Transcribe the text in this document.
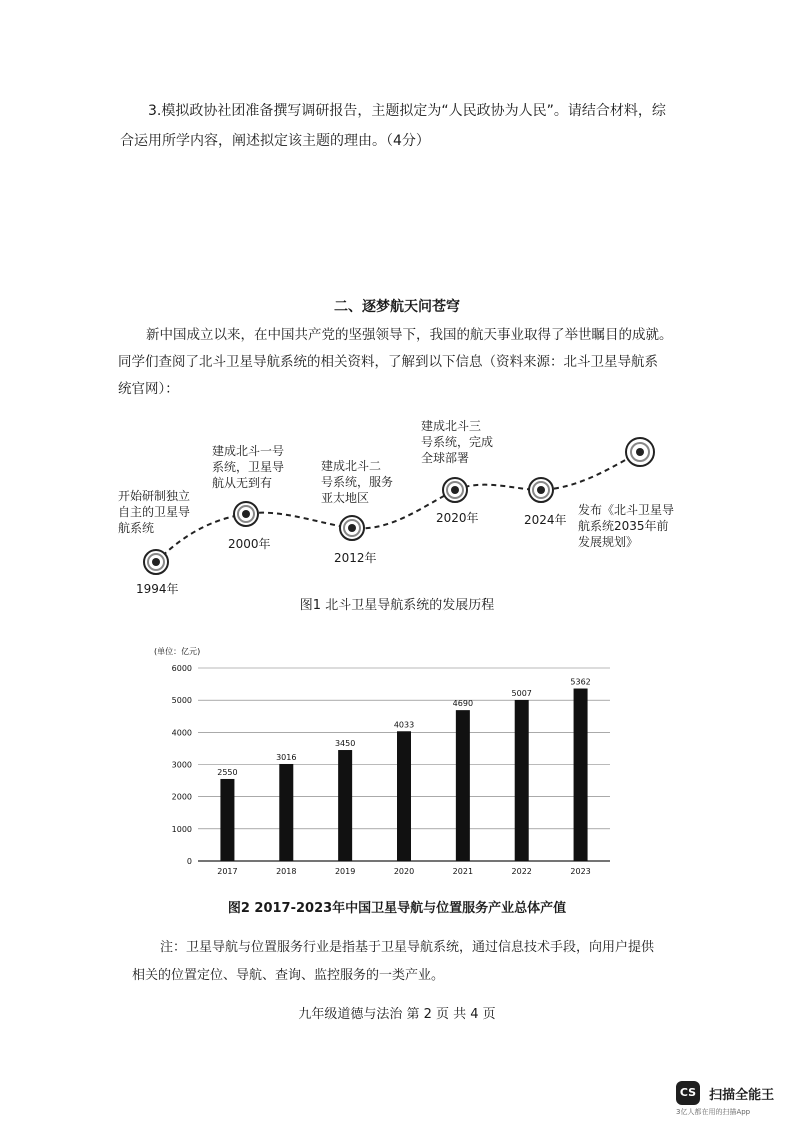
3.模拟政协社团准备撰写调研报告，主题拟定为“人民政协为人民”。请结合材料，综
合运用所学内容，阐述拟定该主题的理由。（4分）
二、逐梦航天问苍穹
新中国成立以来，在中国共产党的坚强领导下，我国的航天事业取得了举世瞩目的成就。
同学们查阅了北斗卫星导航系统的相关资料，了解到以下信息（资料来源：北斗卫星导航系
统官网）：
开始研制独立
自主的卫星导
航系统
1994年
建成北斗一号
系统，卫星导
航从无到有
2000年
建成北斗二
号系统，服务
亚太地区
2012年
建成北斗三
号系统，完成
全球部署
2020年	2024年
发布《北斗卫星导
航系统2035年前
发展规划》
图1 北斗卫星导航系统的发展历程
(单位：亿元)
0
1000
2000
3000
4000
5000
6000
2550
2017
3016
2018
3450
2019
4033
2020
4690
2021
5007
2022
5362
2023
图2 2017-2023年中国卫星导航与位置服务产业总体产值
注：卫星导航与位置服务行业是指基于卫星导航系统，通过信息技术手段，向用户提供
相关的位置定位、导航、查询、监控服务的一类产业。
九年级道德与法治 第 2 页 共 4 页
CS 扫描全能王
3亿人都在用的扫描App
